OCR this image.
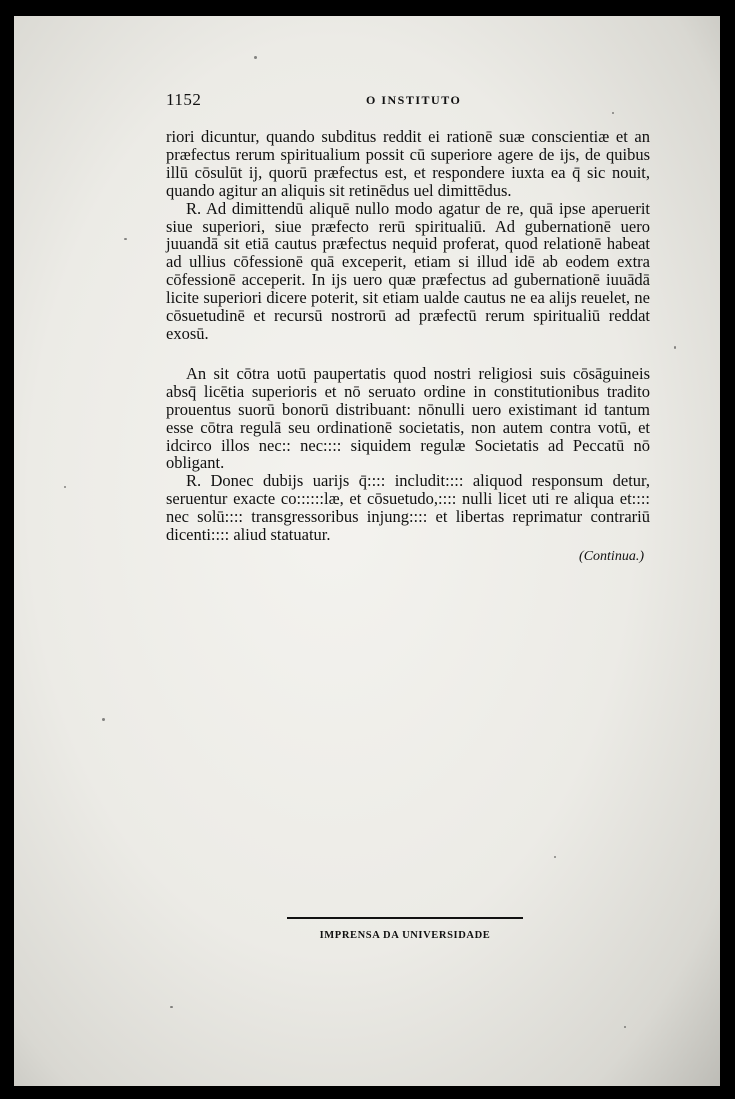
1152	O INSTITUTO

riori dicuntur, quando subditus reddit ei rationē suæ conscientiæ et an præfectus rerum spiritualium possit cū superiore agere de ijs, de quibus illū cōsulūt ij, quorū præfectus est, et respondere iuxta ea q̄ sic nouit, quando agitur an aliquis sit retinēdus uel dimittēdus.

R. Ad dimittendū aliquē nullo modo agatur de re, quā ipse aperuerit siue superiori, siue præfecto rerū spiritualiū. Ad gubernationē uero juuandā sit etiā cautus præfectus nequid proferat, quod relationē habeat ad ullius cōfessionē quā exceperit, etiam si illud idē ab eodem extra cōfessionē acceperit. In ijs uero quæ præfectus ad gubernationē iuuādā licite superiori dicere poterit, sit etiam ualde cautus ne ea alijs reuelet, ne cōsuetudinē et recursū nostrorū ad præfectū rerum spiritualiū reddat exosū.

An sit cōtra uotū paupertatis quod nostri religiosi suis cōsāguineis absq̄ licētia superioris et nō seruato ordine in constitutionibus tradito prouentus suorū bonorū distribuant: nōnulli uero existimant id tantum esse cōtra regulā seu ordinationē societatis, non autem contra votū, et idcirco illos nec:: nec:::: siquidem regulæ Societatis ad Peccatū nō obligant.

R. Donec dubijs uarijs q̄:::: includit:::: aliquod responsum detur, seruentur exacte co::::::læ, et cōsuetudo,:::: nulli licet uti re aliqua et:::: nec solū:::: transgressoribus injung:::: et libertas reprimatur contrariū dicenti:::: aliud statuatur.

(Continua.)
IMPRENSA DA UNIVERSIDADE
